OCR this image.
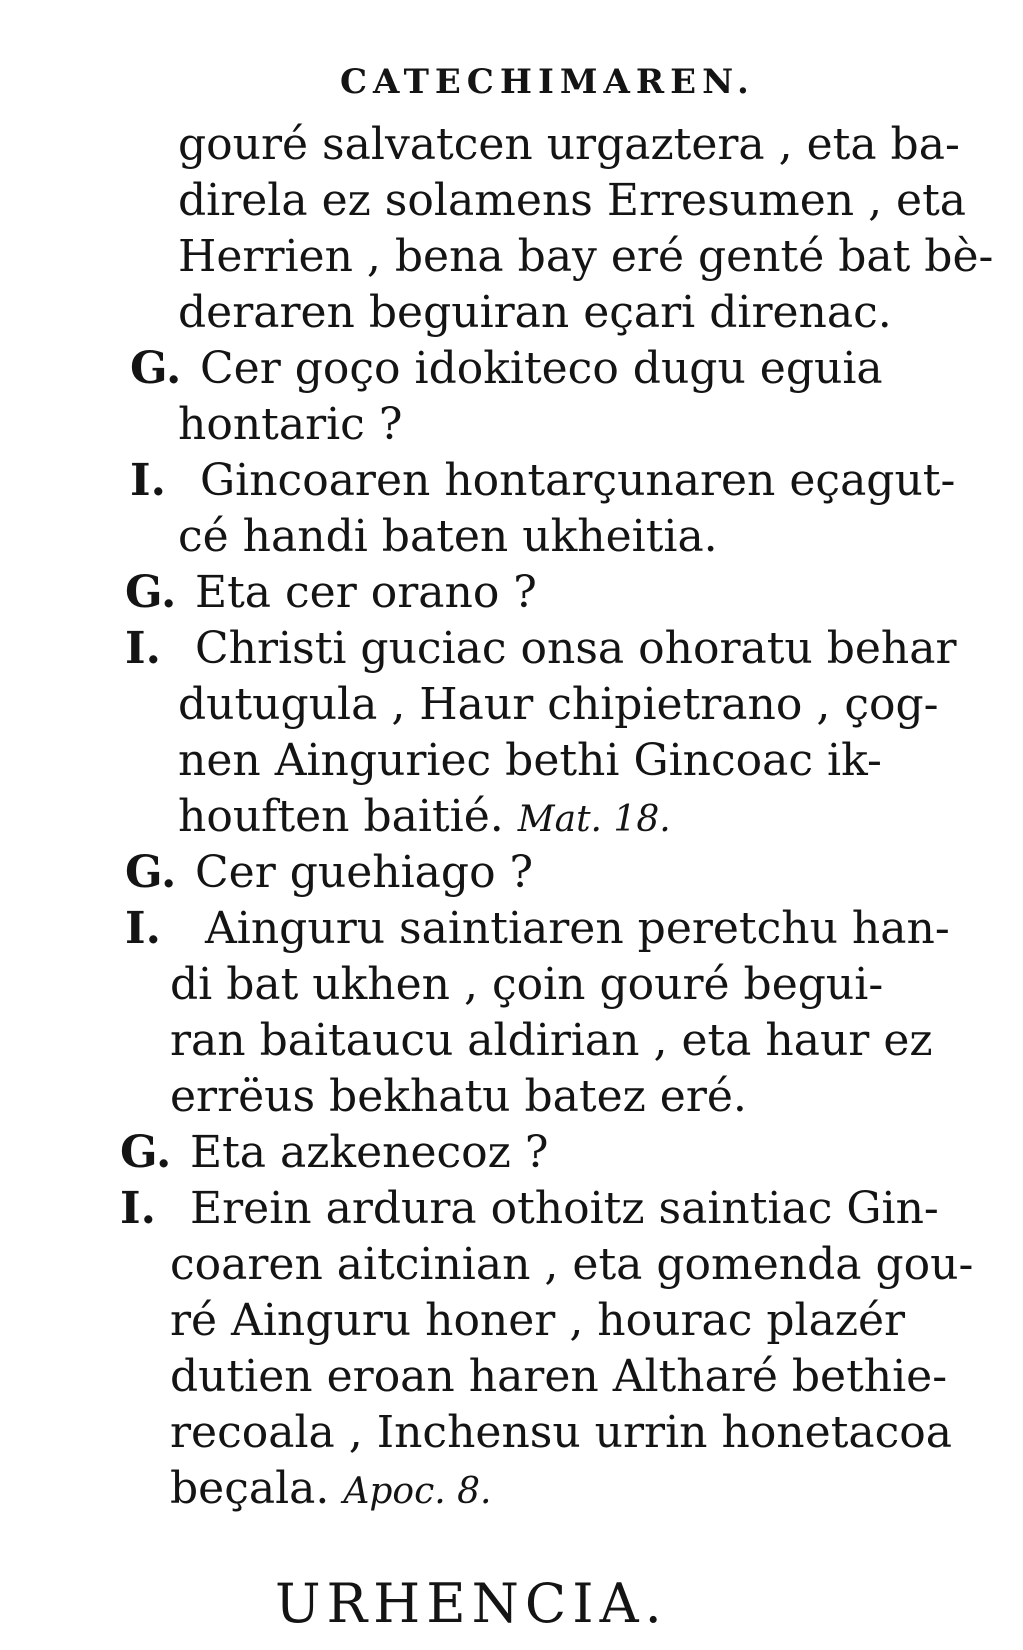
CATECHIMAREN.
gouré salvatcen urgaztera , eta ba-
direla ez solamens Erresumen , eta
Herrien , bena bay eré genté bat bè-
deraren beguiran eçari direnac.
G. Cer goço idokiteco dugu eguia
hontaric ?
I. Gincoaren hontarçunaren eçagut-
cé handi baten ukheitia.
G. Eta cer orano ?
I. Christi guciac onsa ohoratu behar
dutugula , Haur chipietrano , çog-
nen Ainguriec bethi Gincoac ik-
houften baitié. Mat. 18.
G. Cer guehiago ?
I. Ainguru saintiaren peretchu han-
di bat ukhen , çoin gouré begui-
ran baitaucu aldirian , eta haur ez
errëus bekhatu batez eré.
G. Eta azkenecoz ?
I. Erein ardura othoitz saintiac Gin-
coaren aitcinian , eta gomenda gou-
ré Ainguru honer , hourac plazér
dutien eroan haren Altharé bethie-
recoala , Inchensu urrin honetacoa
beçala. Apoc. 8.
URHENCIA.
